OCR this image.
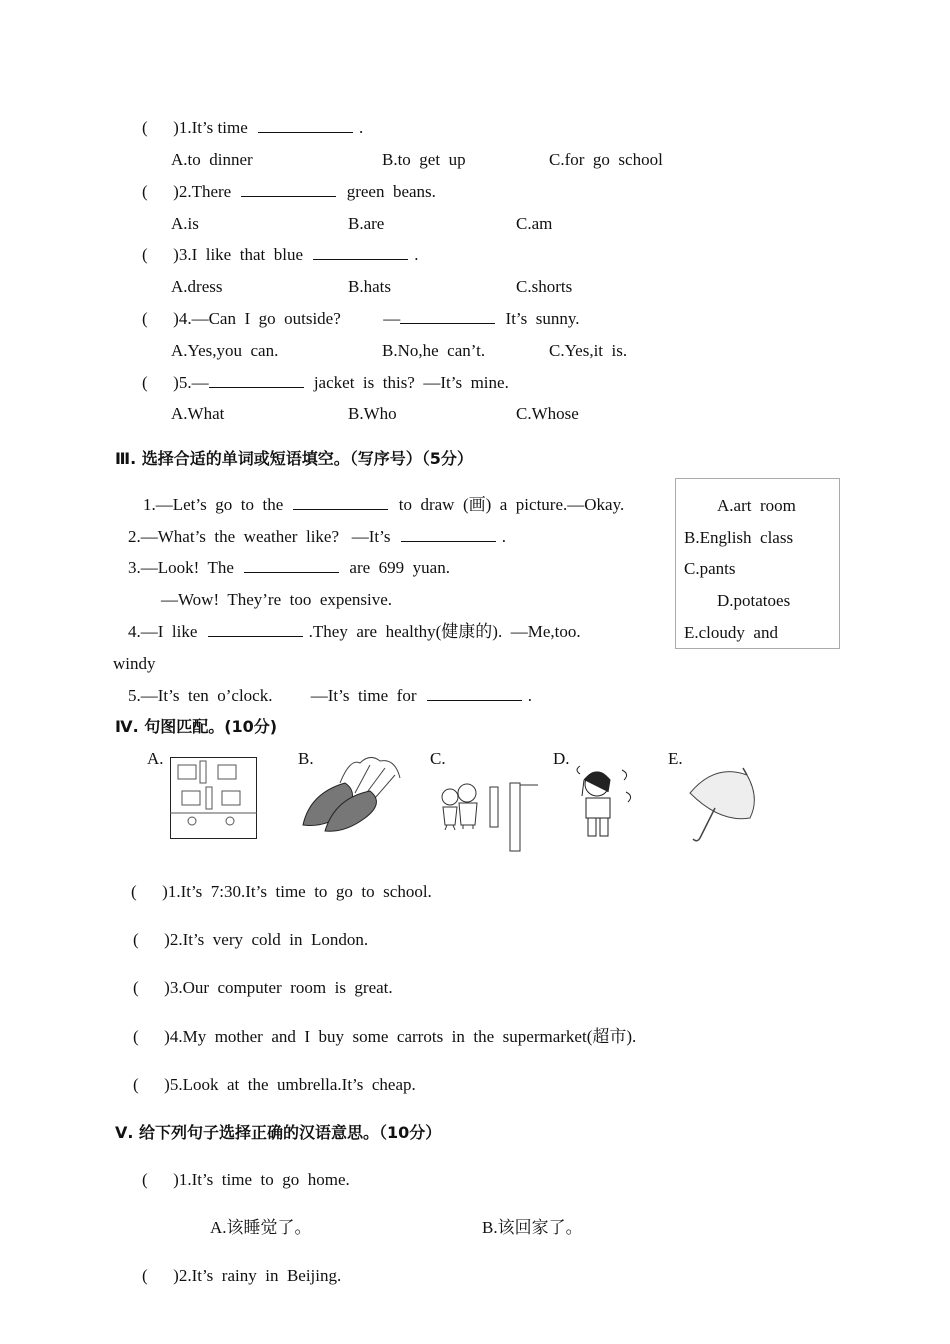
(      )1.It’s time	.
A.to  dinner	B.to  get  up	C.for  go  school
(      )2.There	green  beans.
A.is	B.are	C.am
(      )3.I  like  that  blue	.
A.dress	B.hats	C.shorts
(      )4.—Can  I  go  outside?          —	It’s  sunny.
A.Yes,you  can.	B.No,he  can’t.	C.Yes,it  is.
(      )5.—	jacket  is  this?  —It’s  mine.
A.What	B.Who	C.Whose
Ⅲ. 选择合适的单词或短语填空。（写序号）（5分）
1.—Let’s  go  to  the	to  draw  (画)  a  picture.—Okay.
2.—What’s  the  weather  like?   —It’s	.
3.—Look!  The	are  699  yuan.
—Wow!  They’re  too  expensive.
4.—I  like	.They  are  healthy(健康的).  —Me,too.
windy
5.—It’s  ten  o’clock.         —It’s  time  for	.
A.art  room
B.English  class
C.pants
D.potatoes
E.cloudy  and
Ⅳ. 句图匹配。(10分)
A.	B.	C.	D.	E.
(      )1.It’s  7:30.It’s  time  to  go  to  school.
(      )2.It’s  very  cold  in  London.
(      )3.Our  computer  room  is  great.
(      )4.My  mother  and  I  buy  some  carrots  in  the  supermarket(超市).
(      )5.Look  at  the  umbrella.It’s  cheap.
Ⅴ. 给下列句子选择正确的汉语意思。（10分）
(      )1.It’s  time  to  go  home.
A.该睡觉了。	B.该回家了。
(      )2.It’s  rainy  in  Beijing.
